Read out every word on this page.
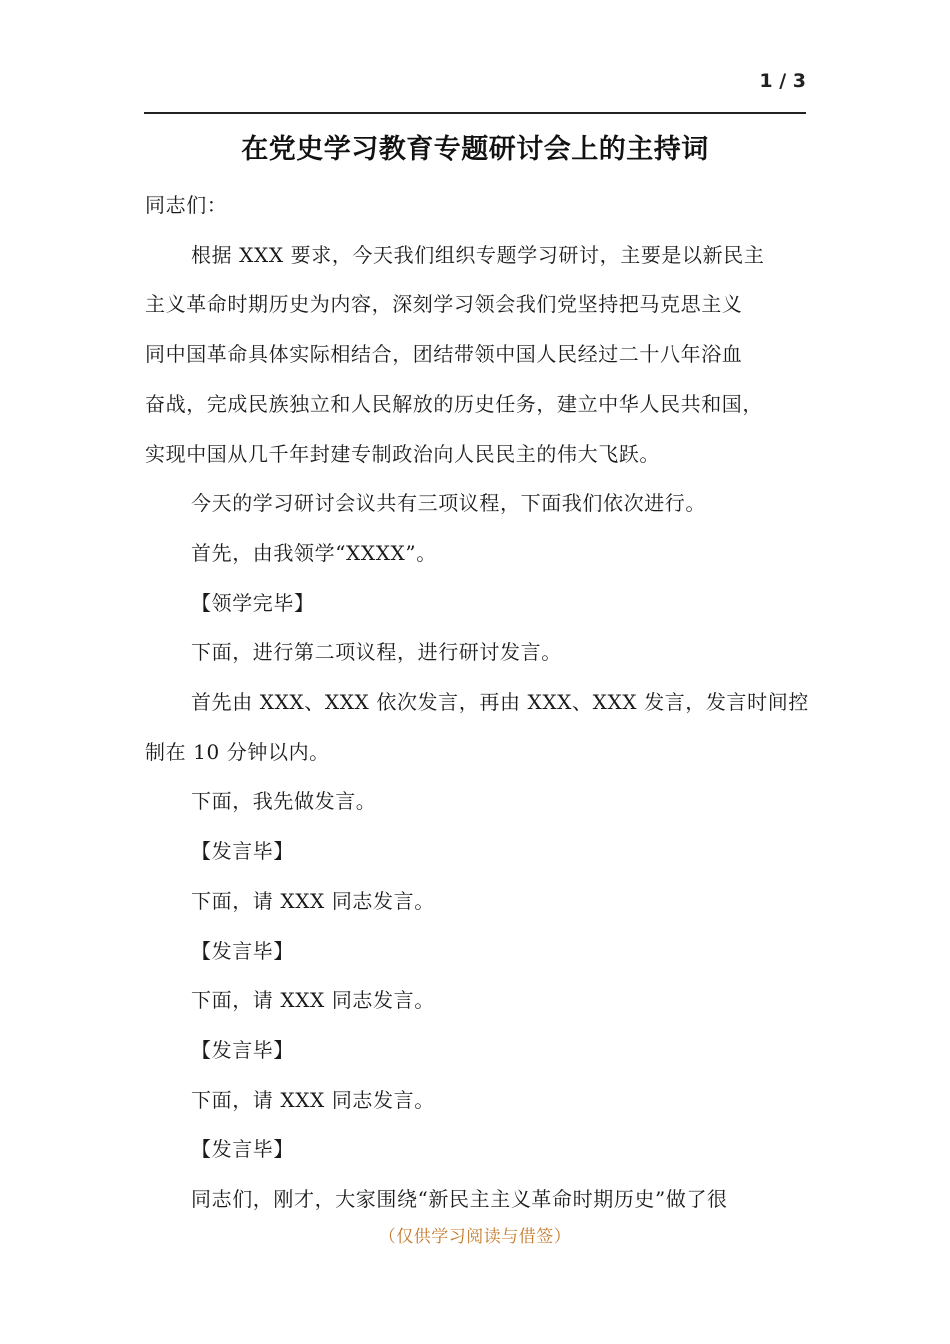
1 / 3
在党史学习教育专题研讨会上的主持词

同志们：

根据 XXX 要求，今天我们组织专题学习研讨，主要是以新民主

主义革命时期历史为内容，深刻学习领会我们党坚持把马克思主义

同中国革命具体实际相结合，团结带领中国人民经过二十八年浴血

奋战，完成民族独立和人民解放的历史任务，建立中华人民共和国，

实现中国从几千年封建专制政治向人民民主的伟大飞跃。

今天的学习研讨会议共有三项议程，下面我们依次进行。

首先，由我领学“XXXX”。

【领学完毕】

下面，进行第二项议程，进行研讨发言。

首先由 XXX、XXX 依次发言，再由 XXX、XXX 发言，发言时间控

制在 10 分钟以内。

下面，我先做发言。

【发言毕】

下面，请 XXX 同志发言。

【发言毕】

下面，请 XXX 同志发言。

【发言毕】

下面，请 XXX 同志发言。

【发言毕】

同志们，刚才，大家围绕“新民主主义革命时期历史”做了很

（仅供学习阅读与借签）
